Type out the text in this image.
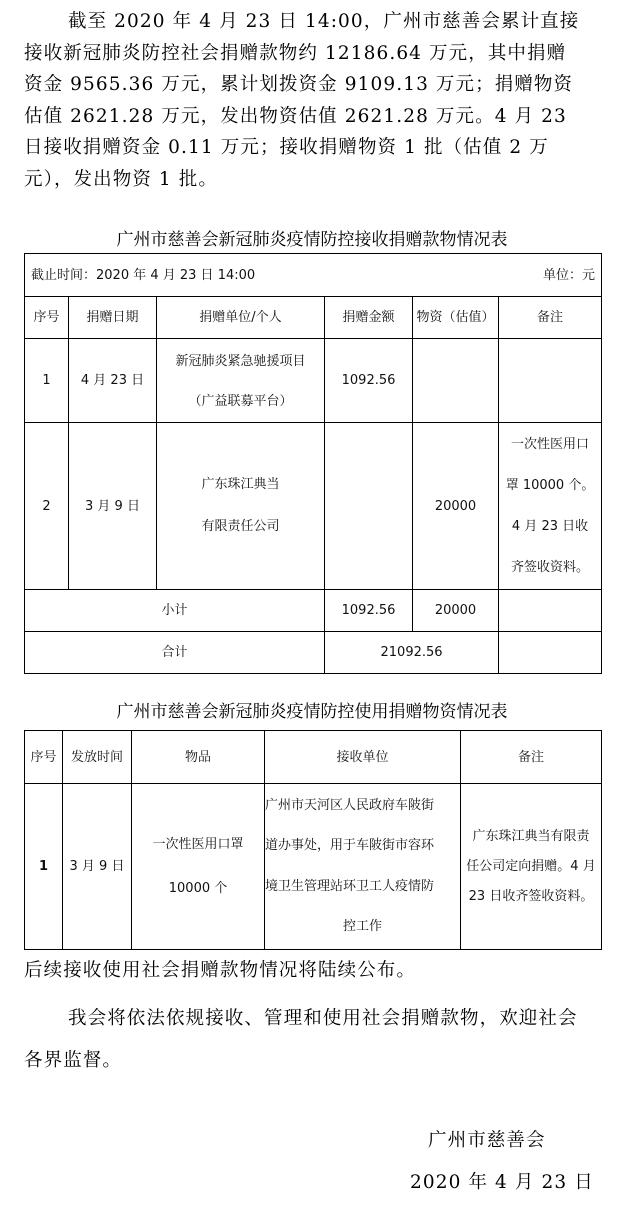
截至 2020 年 4 月 23 日 14:00，广州市慈善会累计直接接收新冠肺炎防控社会捐赠款物约 12186.64 万元，其中捐赠资金 9565.36 万元，累计划拨资金 9109.13 万元；捐赠物资估值 2621.28 万元，发出物资估值 2621.28 万元。4 月 23 日接收捐赠资金 0.11 万元；接收捐赠物资 1 批（估值 2 万元），发出物资 1 批。

广州市慈善会新冠肺炎疫情防控接收捐赠款物情况表

截止时间：2020 年 4 月 23 日 14:00				单位：元	
序号	捐赠日期	捐赠单位/个人	捐赠金额	物资（估值）	备注
1	4 月 23 日	新冠肺炎紧急驰援项目
（广益联募平台）	1092.56		
2	3 月 9 日	广东珠江典当
有限责任公司		20000	一次性医用口
罩 10000 个。
4 月 23 日收
齐签收资料。

小计			1092.56	20000	
合计			21092.56		

广州市慈善会新冠肺炎疫情防控使用捐赠物资情况表

序号	发放时间	物品	接收单位	备注
1	3 月 9 日	一次性医用口罩
10000 个	广州市天河区人民政府车陂街
道办事处，用于车陂街市容环
境卫生管理站环卫工人疫情防
控工作	广东珠江典当有限责
任公司定向捐赠。4 月
23 日收齐签收资料。

后续接收使用社会捐赠款物情况将陆续公布。

我会将依法依规接收、管理和使用社会捐赠款物，欢迎社会各界监督。

广州市慈善会

2020 年 4 月 23 日
